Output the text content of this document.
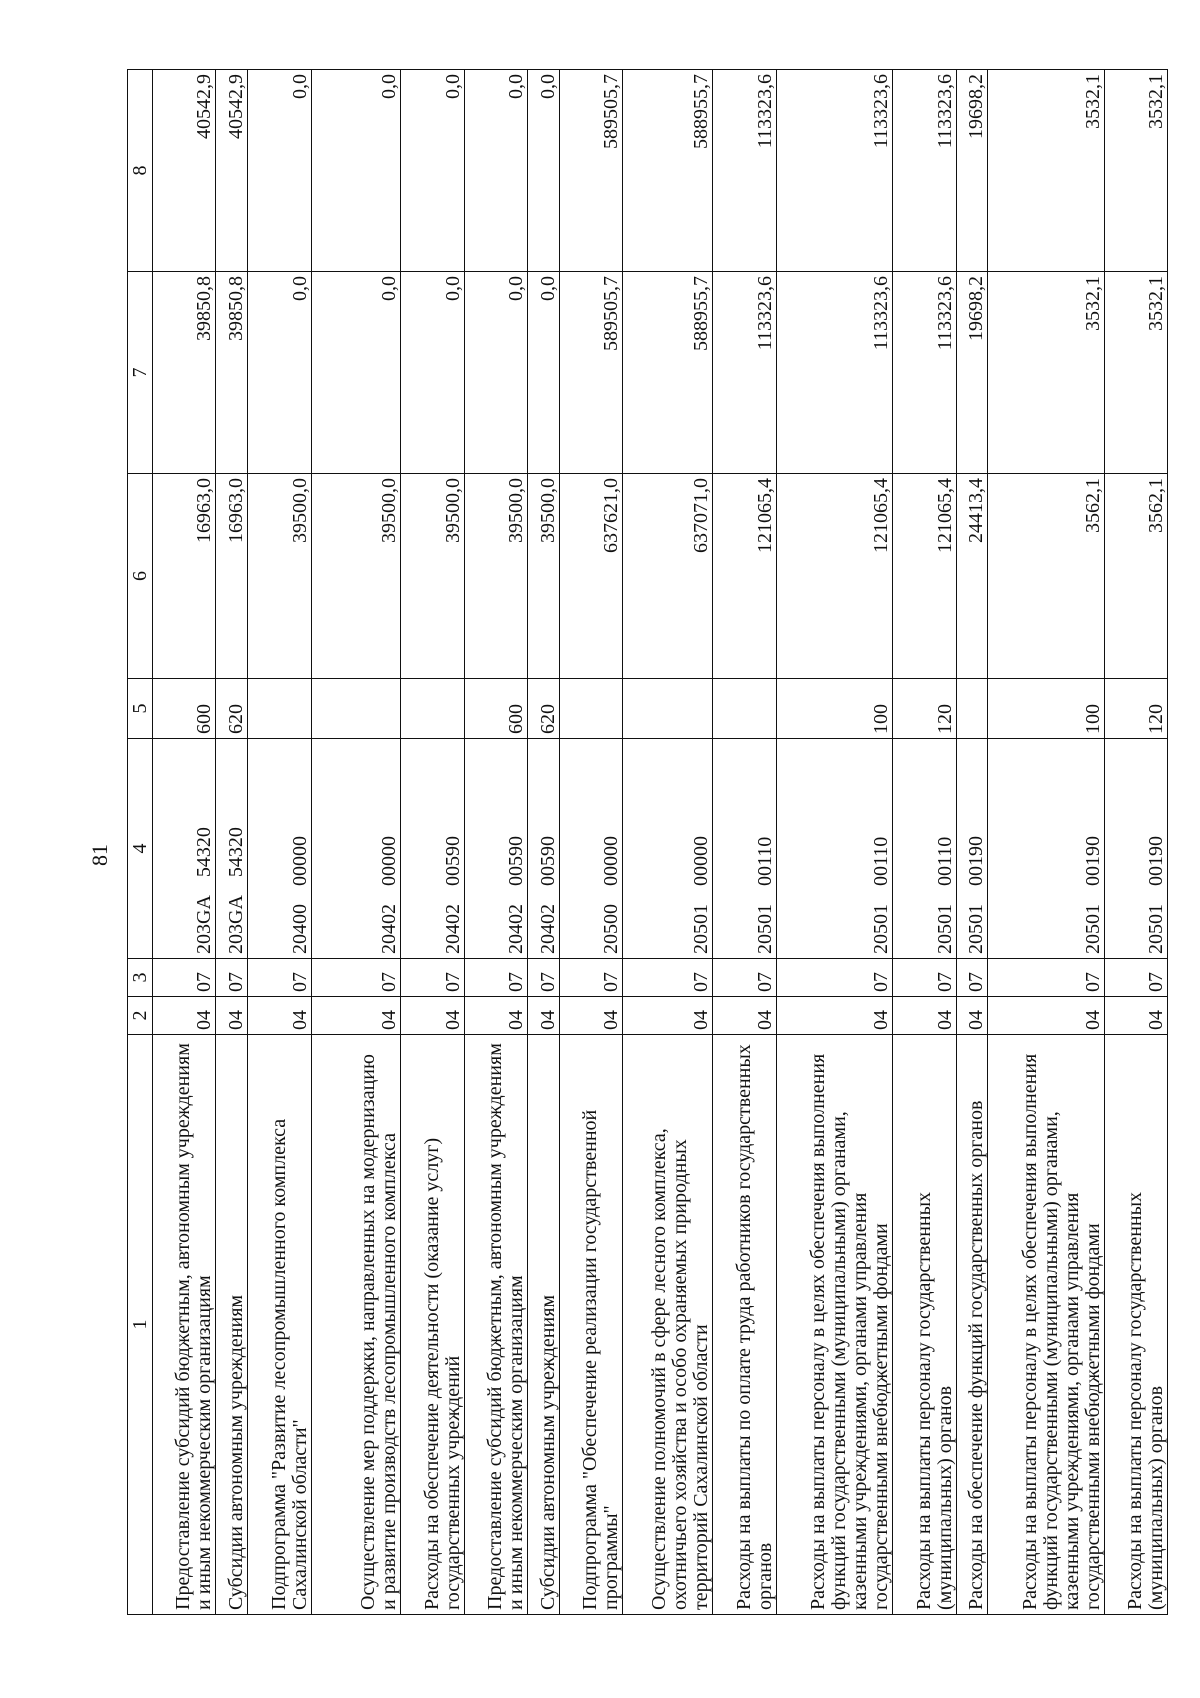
81
1	2	3	4	5	6	7	8
Предоставление субсидий бюджетным, автономным учреждениям и иным некоммерческим организациям	04	07	203GA54320	600	16963,0	39850,8	40542,9
Субсидии автономным учреждениям	04	07	203GA54320	620	16963,0	39850,8	40542,9
Подпрограмма "Развитие лесопромышленного комплекса Сахалинской области"	04	07	2040000000		39500,0	0,0	0,0
Осуществление мер поддержки, направленных на модернизацию и развитие производств лесопромышленного комплекса	04	07	2040200000		39500,0	0,0	0,0
Расходы на обеспечение деятельности (оказание услуг) государственных учреждений	04	07	2040200590		39500,0	0,0	0,0
Предоставление субсидий бюджетным, автономным учреждениям и иным некоммерческим организациям	04	07	2040200590	600	39500,0	0,0	0,0
Субсидии автономным учреждениям	04	07	2040200590	620	39500,0	0,0	0,0
Подпрограмма "Обеспечение реализации государственной программы"	04	07	2050000000		637621,0	589505,7	589505,7
Осуществление полномочий в сфере лесного комплекса, охотничьего хозяйства и особо охраняемых природных территорий Сахалинской области	04	07	2050100000		637071,0	588955,7	588955,7
Расходы на выплаты по оплате труда работников государственных органов	04	07	2050100110		121065,4	113323,6	113323,6
Расходы на выплаты персоналу в целях обеспечения выполнения функций государственными (муниципальными) органами, казенными учреждениями, органами управления государственными внебюджетными фондами	04	07	2050100110	100	121065,4	113323,6	113323,6
Расходы на выплаты персоналу государственных (муниципальных) органов	04	07	2050100110	120	121065,4	113323,6	113323,6
Расходы на обеспечение функций государственных органов	04	07	2050100190		24413,4	19698,2	19698,2
Расходы на выплаты персоналу в целях обеспечения выполнения функций государственными (муниципальными) органами, казенными учреждениями, органами управления государственными внебюджетными фондами	04	07	2050100190	100	3562,1	3532,1	3532,1
Расходы на выплаты персоналу государственных (муниципальных) органов	04	07	2050100190	120	3562,1	3532,1	3532,1
